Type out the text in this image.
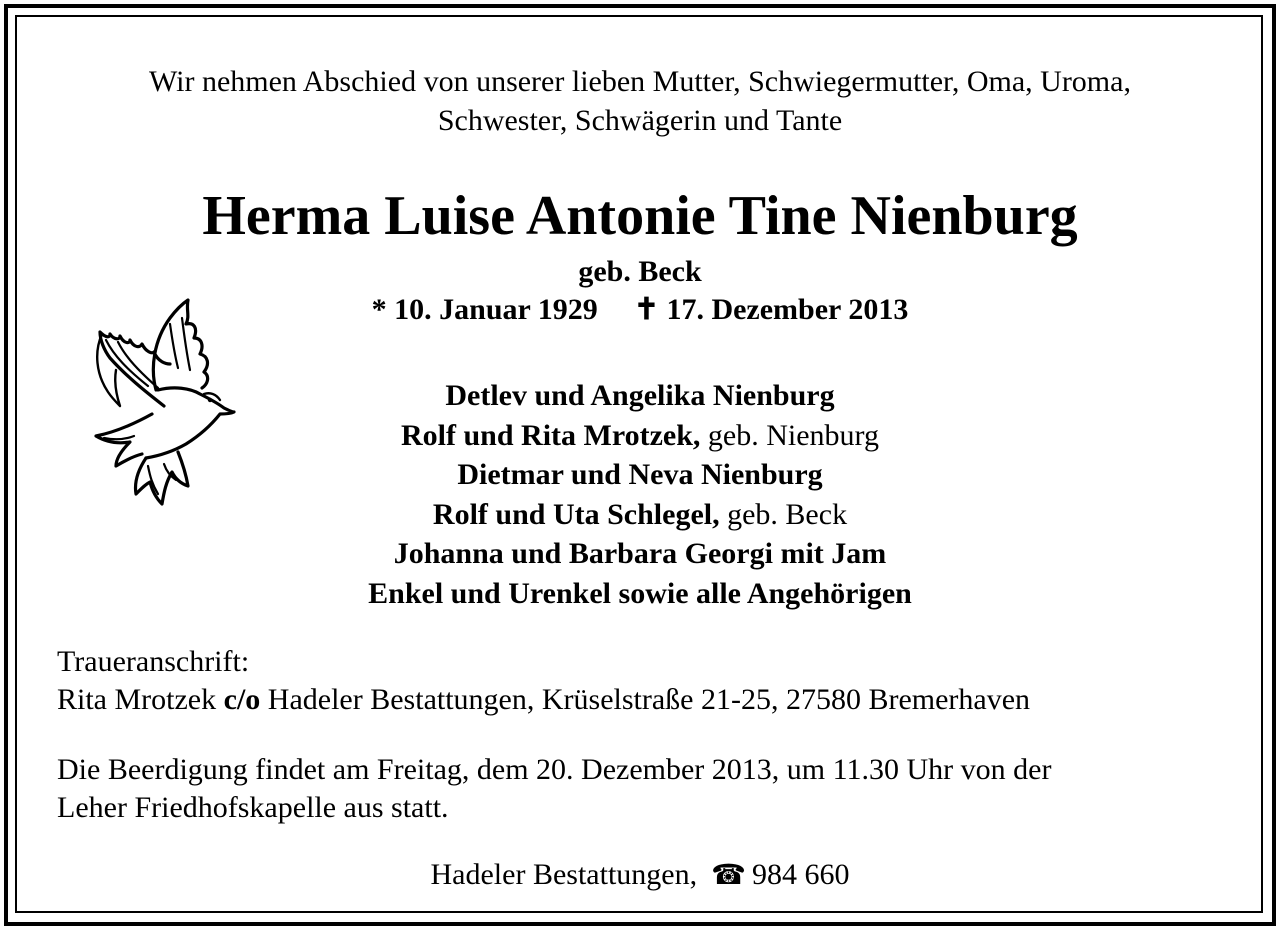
Wir nehmen Abschied von unserer lieben Mutter, Schwiegermutter, Oma, Uroma,
Schwester, Schwägerin und Tante
Herma Luise Antonie Tine Nienburg
geb. Beck
* 10. Januar 1929 ✝ 17. Dezember 2013
Detlev und Angelika Nienburg
Rolf und Rita Mrotzek, geb. Nienburg
Dietmar und Neva Nienburg
Rolf und Uta Schlegel, geb. Beck
Johanna und Barbara Georgi mit Jam
Enkel und Urenkel sowie alle Angehörigen
Traueranschrift:
Rita Mrotzek c/o Hadeler Bestattungen, Krüselstraße 21-25, 27580 Bremerhaven
Die Beerdigung findet am Freitag, dem 20. Dezember 2013, um 11.30 Uhr von der
Leher Friedhofskapelle aus statt.
Hadeler Bestattungen, ☎ 984 660
